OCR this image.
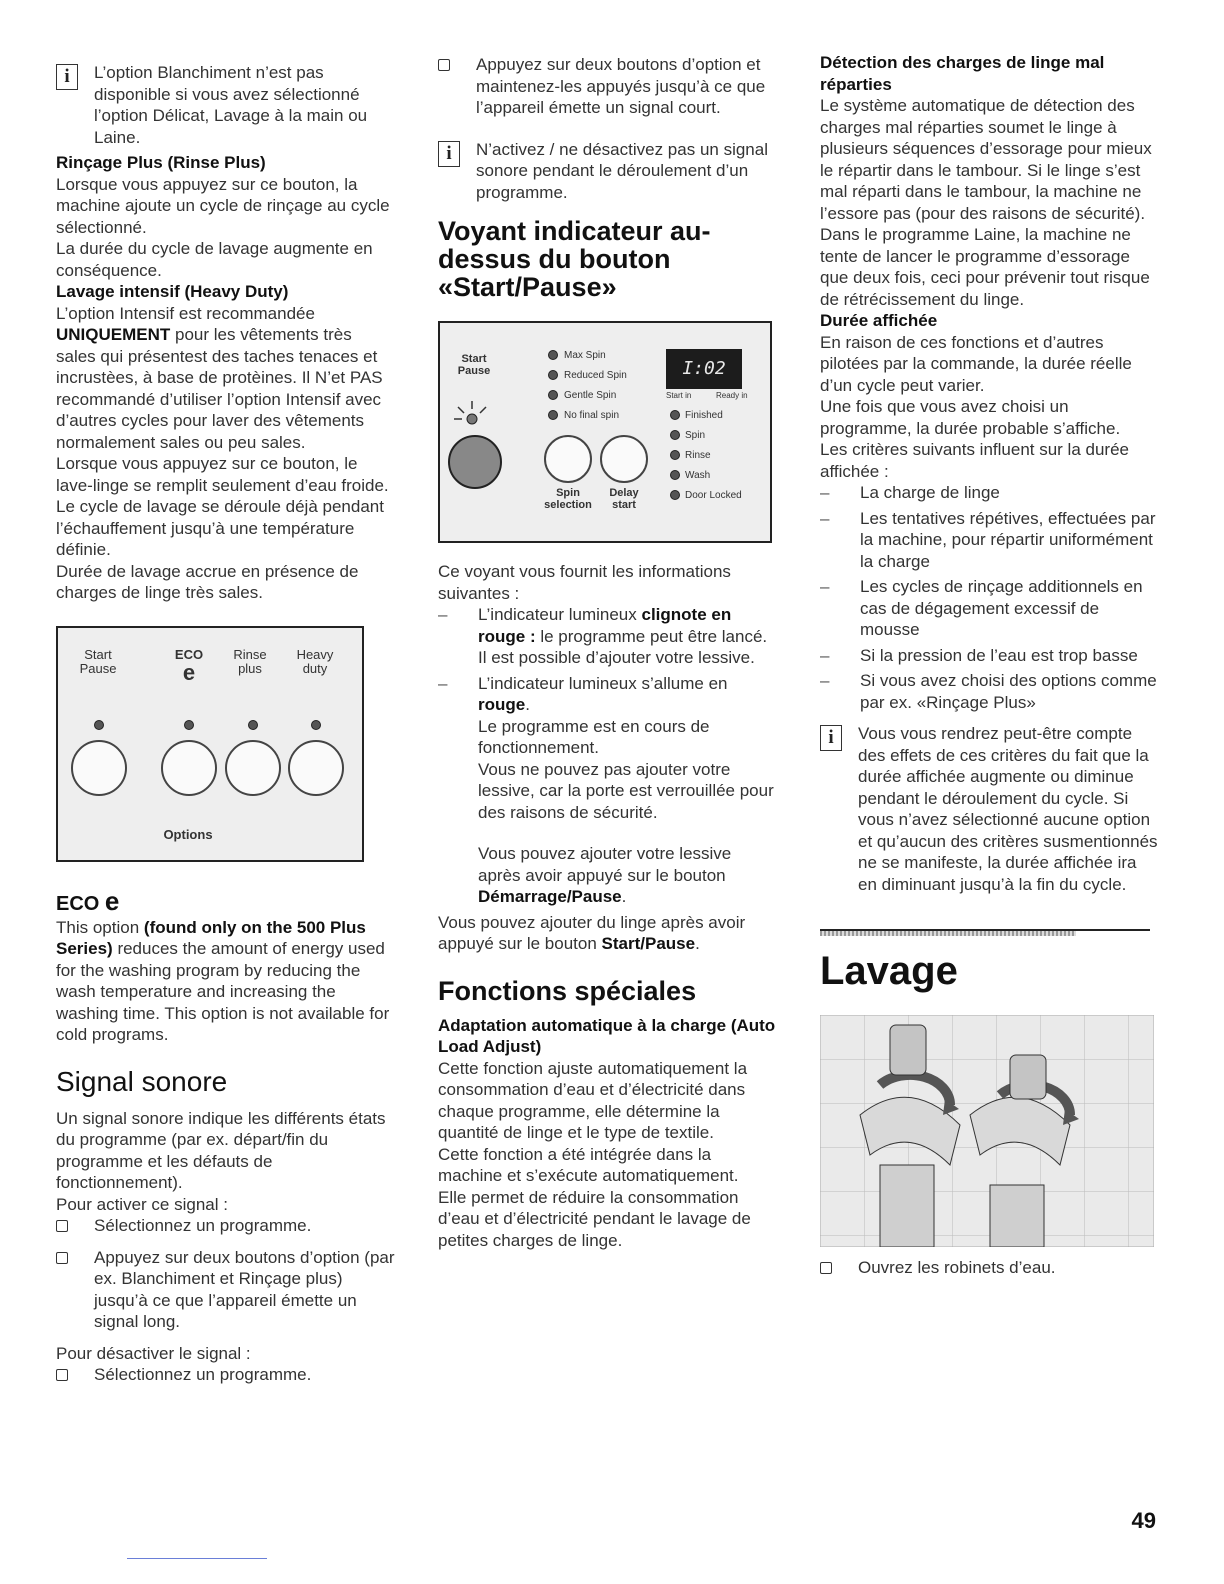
i	L’option Blanchiment n’est pas disponible si vous avez sélectionné l’option Délicat, Lavage à la main ou Laine.

Rinçage Plus (Rinse Plus)

Lorsque vous appuyez sur ce bouton, la machine ajoute un cycle de rinçage au cycle sélectionné.

La durée du cycle de lavage augmente en conséquence.

Lavage intensif (Heavy Duty)

L’option Intensif est recommandée UNIQUEMENT pour les vêtements très sales qui présentest des taches tenaces et incrustèes, à base de protèines. Il N’et PAS recommandé d’utiliser l’option Intensif avec d’autres cycles pour laver des vêtements normalement sales ou peu sales.

Lorsque vous appuyez sur ce bouton, le lave-linge se remplit seulement d’eau froide. Le cycle de lavage se déroule déjà pendant l’échauffement jusqu’à une température définie.

Durée de lavage accrue en présence de charges de linge très sales.

Start
Pause
ECO
e
Rinse
plus
Heavy
duty
Options
ECO e

This option (found only on the 500 Plus Series) reduces the amount of energy used for the washing program by reducing the wash temperature and increasing the washing time. This option is not available for cold programs.

Signal sonore

Un signal sonore indique les différents états du programme (par ex. départ/fin du programme et les défauts de fonctionnement).

Pour activer ce signal :

Sélectionnez un programme.

Appuyez sur deux boutons d’option (par ex. Blanchiment et Rinçage plus) jusqu’à ce que l’appareil émette un signal long.

Pour désactiver le signal :

Sélectionnez un programme.

Appuyez sur deux boutons d’option et maintenez-les appuyés jusqu’à ce que l’appareil émette un signal court.

i	N’activez / ne désactivez pas un signal sonore pendant le déroulement d’un programme.

Voyant indicateur au-dessus du bouton «Start/Pause»
Start
Pause
Max Spin
Reduced Spin
Gentle Spin
No final spin
I:02
Start in	Ready in
Finished
Spin
Rinse
Wash
Door Locked
Spin
selection
Delay
start

Ce voyant vous fournit les informations suivantes :

–	L’indicateur lumineux clignote en rouge : le programme peut être lancé. Il est possible d’ajouter votre lessive.

–	L’indicateur lumineux s’allume en rouge.

Le programme est en cours de fonctionnement.

Vous ne pouvez pas ajouter votre lessive, car la porte est verrouillée pour des raisons de sécurité.

Vous pouvez ajouter votre lessive après avoir appuyé sur le bouton Démarrage/Pause.

Vous pouvez ajouter du linge après avoir appuyé sur le bouton Start/Pause.

Fonctions spéciales
Adaptation automatique à la charge (Auto Load Adjust)

Cette fonction ajuste automatiquement la consommation d’eau et d’électricité dans chaque programme, elle détermine la quantité de linge et le type de textile.

Cette fonction a été intégrée dans la machine et s’exécute automatiquement.

Elle permet de réduire la consommation d’eau et d’électricité pendant le lavage de petites charges de linge.

Détection des charges de linge mal réparties

Le système automatique de détection des charges mal réparties soumet le linge à plusieurs séquences d’essorage pour mieux le répartir dans le tambour. Si le linge s’est mal réparti dans le tambour, la machine ne l’essore pas (pour des raisons de sécurité).

Dans le programme Laine, la machine ne tente de lancer le programme d’essorage que deux fois, ceci pour prévenir tout risque de rétrécissement du linge.

Durée affichée

En raison de ces fonctions et d’autres pilotées par la commande, la durée réelle d’un cycle peut varier.

Une fois que vous avez choisi un programme, la durée probable s’affiche.

Les critères suivants influent sur la durée affichée :

–	La charge de linge

–	Les tentatives répétives, effectuées par la machine, pour répartir uniformément la charge

–	Les cycles de rinçage additionnels en cas de dégagement excessif de mousse

–	Si la pression de l’eau est trop basse

–	Si vous avez choisi des options comme par ex. «Rinçage Plus»

i	Vous vous rendrez peut-être compte des effets de ces critères du fait que la durée affichée augmente ou diminue pendant le déroulement du cycle. Si vous n’avez sélectionné aucune option et qu’aucun des critères susmentionnés ne se manifeste, la durée affichée ira en diminuant jusqu’à la fin du cycle.

Lavage

Ouvrez les robinets d’eau.

49
